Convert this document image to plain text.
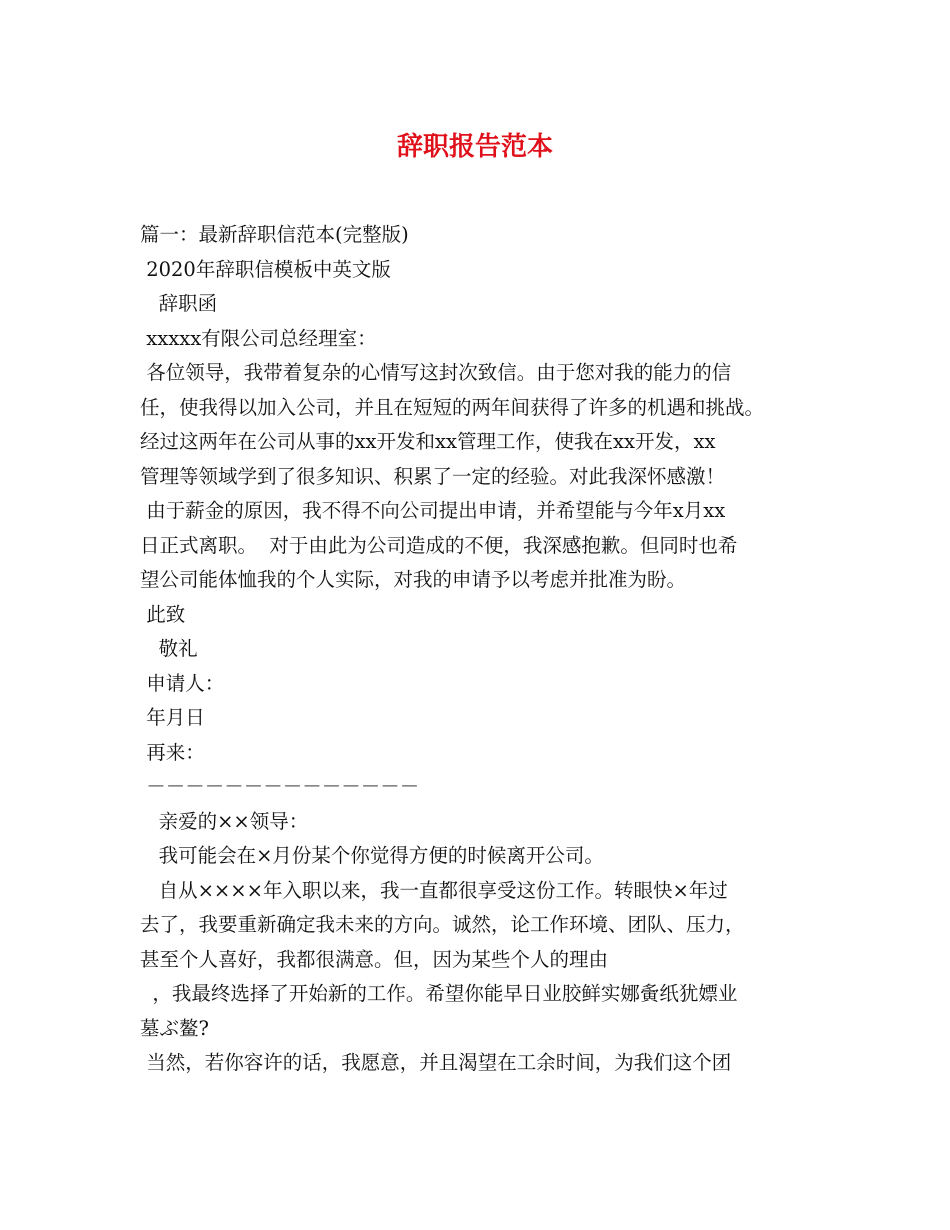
辞职报告范本
篇一：最新辞职信范本(完整版)
2020年辞职信模板中英文版
辞职函
xxxxx有限公司总经理室：
各位领导，我带着复杂的心情写这封次致信。由于您对我的能力的信
任，使我得以加入公司，并且在短短的两年间获得了许多的机遇和挑战。
经过这两年在公司从事的xx开发和xx管理工作，使我在xx开发，xx
管理等领域学到了很多知识、积累了一定的经验。对此我深怀感激！
由于薪金的原因，我不得不向公司提出申请，并希望能与今年x月xx
日正式离职。  对于由此为公司造成的不便，我深感抱歉。但同时也希
望公司能体恤我的个人实际，对我的申请予以考虑并批准为盼。
此致
敬礼
申请人：
年月日
再来：
－－－－－－－－－－－－－－
亲爱的××领导：
我可能会在×月份某个你觉得方便的时候离开公司。
自从××××年入职以来，我一直都很享受这份工作。转眼快×年过
去了，我要重新确定我未来的方向。诚然，论工作环境、团队、压力，
甚至个人喜好，我都很满意。但，因为某些个人的理由
，我最终选择了开始新的工作。希望你能早日业胶鲜实娜夤纸犹嫖业
墓ぶ鳌?
当然，若你容许的话，我愿意，并且渴望在工余时间，为我们这个团
